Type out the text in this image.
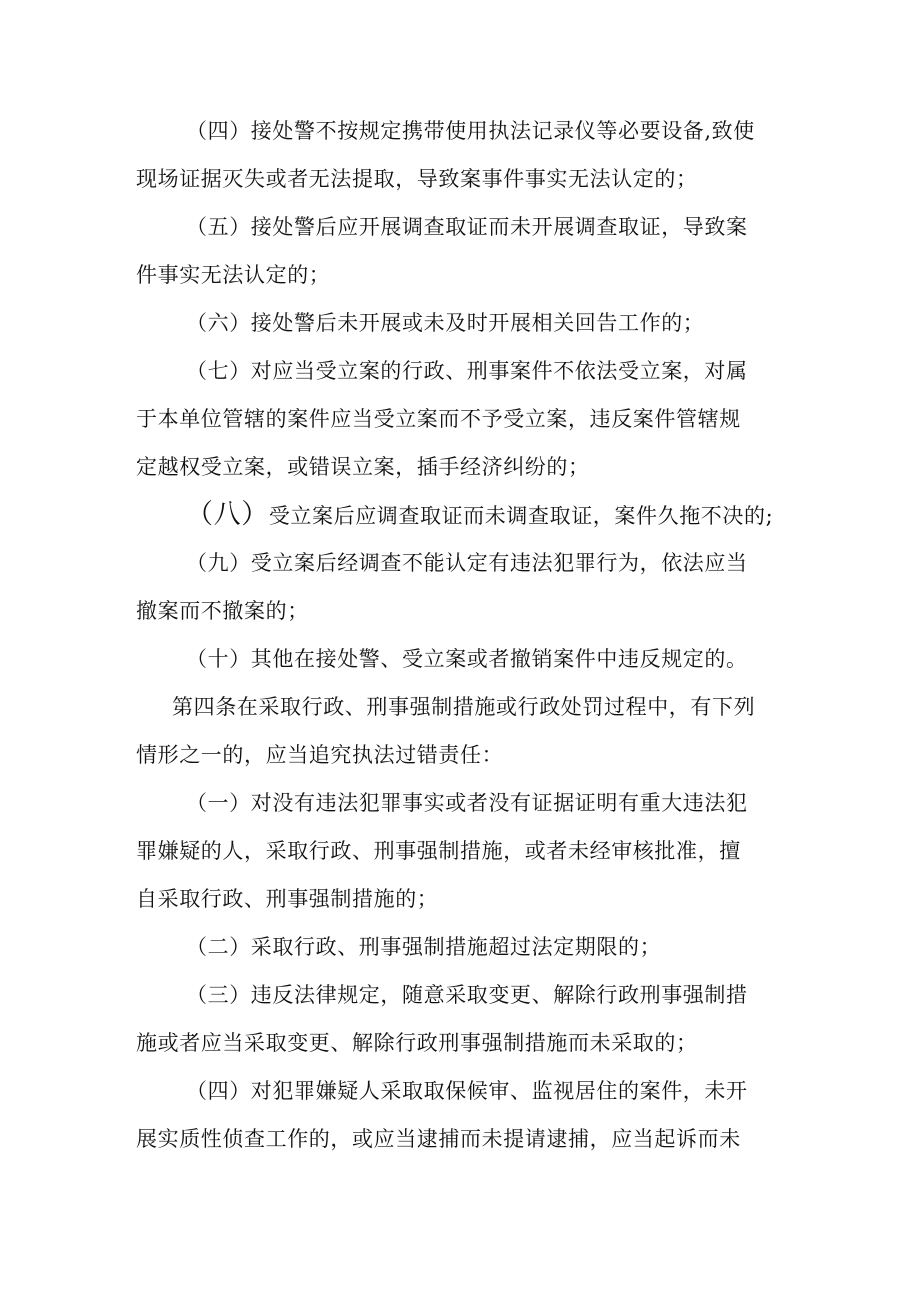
（四）接处警不按规定携带使用执法记录仪等必要设备,致使
现场证据灭失或者无法提取，导致案事件事实无法认定的；
（五）接处警后应开展调查取证而未开展调查取证，导致案
件事实无法认定的；
（六）接处警后未开展或未及时开展相关回告工作的；
（七）对应当受立案的行政、刑事案件不依法受立案，对属
于本单位管辖的案件应当受立案而不予受立案，违反案件管辖规
定越权受立案，或错误立案，插手经济纠纷的；
（八）受立案后应调查取证而未调查取证，案件久拖不决的;
（九）受立案后经调查不能认定有违法犯罪行为，依法应当
撤案而不撤案的；
（十）其他在接处警、受立案或者撤销案件中违反规定的。
第四条在采取行政、刑事强制措施或行政处罚过程中，有下列
情形之一的，应当追究执法过错责任：
（一）对没有违法犯罪事实或者没有证据证明有重大违法犯
罪嫌疑的人，采取行政、刑事强制措施，或者未经审核批准，擅
自采取行政、刑事强制措施的；
（二）采取行政、刑事强制措施超过法定期限的；
（三）违反法律规定，随意采取变更、解除行政刑事强制措
施或者应当采取变更、解除行政刑事强制措施而未采取的；
（四）对犯罪嫌疑人采取取保候审、监视居住的案件，未开
展实质性侦查工作的，或应当逮捕而未提请逮捕，应当起诉而未
